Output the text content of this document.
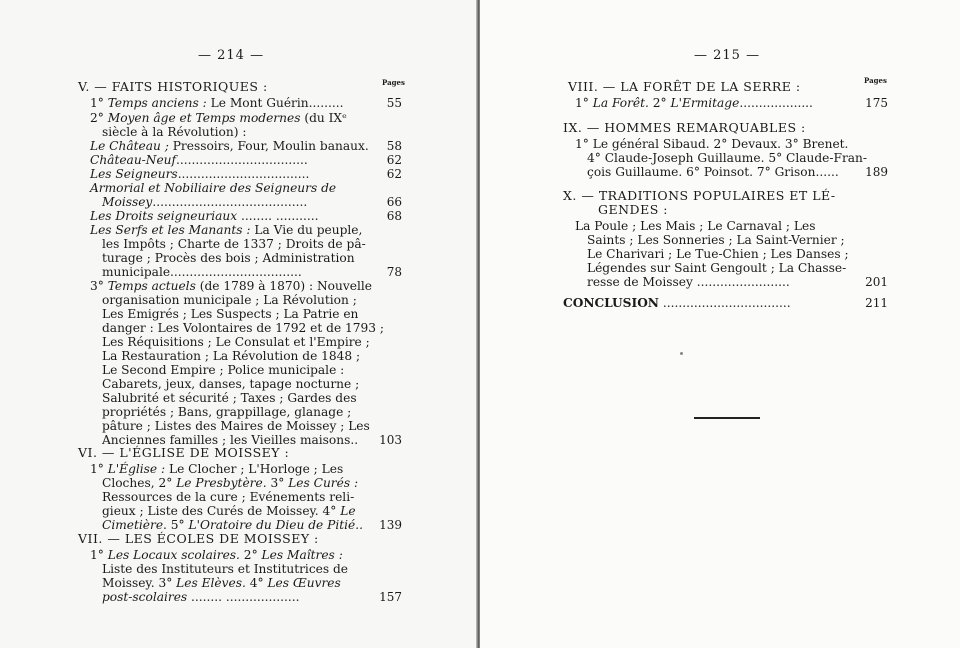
— 214 —
Pages
V. — FAITS HISTORIQUES :
1° Temps anciens : Le Mont Guérin.........
2° Moyen âge et Temps modernes (du IXᵉ
siècle à la Révolution) :
Le Château ; Pressoirs, Four, Moulin banaux.
Château-Neuf..................................
Les Seigneurs..................................
Armorial et Nobiliaire des Seigneurs de
Moissey........................................
Les Droits seigneuriaux ........ ...........
Les Serfs et les Manants : La Vie du peuple,
les Impôts ; Charte de 1337 ; Droits de pâ-
turage ; Procès des bois ; Administration
municipale..................................
3° Temps actuels (de 1789 à 1870) : Nouvelle
organisation municipale ; La Révolution ;
Les Emigrés ; Les Suspects ; La Patrie en
danger : Les Volontaires de 1792 et de 1793 ;
Les Réquisitions ; Le Consulat et l'Empire ;
La Restauration ; La Révolution de 1848 ;
Le Second Empire ; Police municipale :
Cabarets, jeux, danses, tapage nocturne ;
Salubrité et sécurité ; Taxes ; Gardes des
propriétés ; Bans, grappillage, glanage ;
pâture ; Listes des Maires de Moissey ; Les
Anciennes familles ; les Vieilles maisons..
VI. — L'ÉGLISE DE MOISSEY :
1° L'Église : Le Clocher ; L'Horloge ; Les
Cloches, 2° Le Presbytère. 3° Les Curés :
Ressources de la cure ; Evénements reli-
gieux ; Liste des Curés de Moissey. 4° Le
Cimetière. 5° L'Oratoire du Dieu de Pitié..
VII. — LES ÉCOLES DE MOISSEY :
1° Les Locaux scolaires. 2° Les Maîtres :
Liste des Instituteurs et Institutrices de
Moissey. 3° Les Elèves. 4° Les Œuvres
post-scolaires ........ ...................
55
58
62
62
66
68
78
103
139
157
— 215 —
Pages
VIII. — LA FORÊT DE LA SERRE :
1° La Forêt. 2° L'Ermitage...................
IX. — HOMMES REMARQUABLES :
1° Le général Sibaud. 2° Devaux. 3° Brenet.
4° Claude-Joseph Guillaume. 5° Claude-Fran-
çois Guillaume. 6° Poinsot. 7° Grison......
X. — TRADITIONS POPULAIRES ET LÉ-
GENDES :
La Poule ; Les Mais ; Le Carnaval ; Les
Saints ; Les Sonneries ; La Saint-Vernier ;
Le Charivari ; Le Tue-Chien ; Les Danses ;
Légendes sur Saint Gengoult ; La Chasse-
resse de Moissey ........................
CONCLUSION .................................
175
189
201
211
